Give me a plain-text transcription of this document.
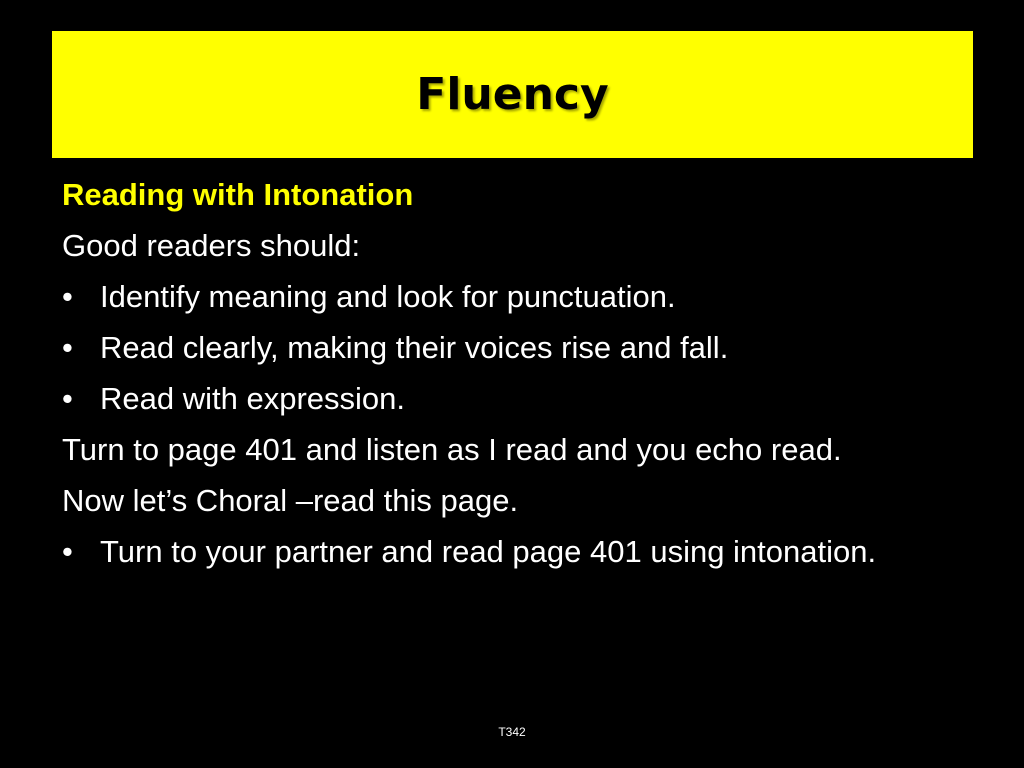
Fluency
Reading with Intonation
Good readers should:
• Identify meaning and look for punctuation.
• Read clearly, making their voices rise and fall.
• Read with expression.
Turn to page 401 and listen as I read and you echo read.
Now let’s Choral –read this page.
• Turn to your partner and read page 401 using intonation.
T342
